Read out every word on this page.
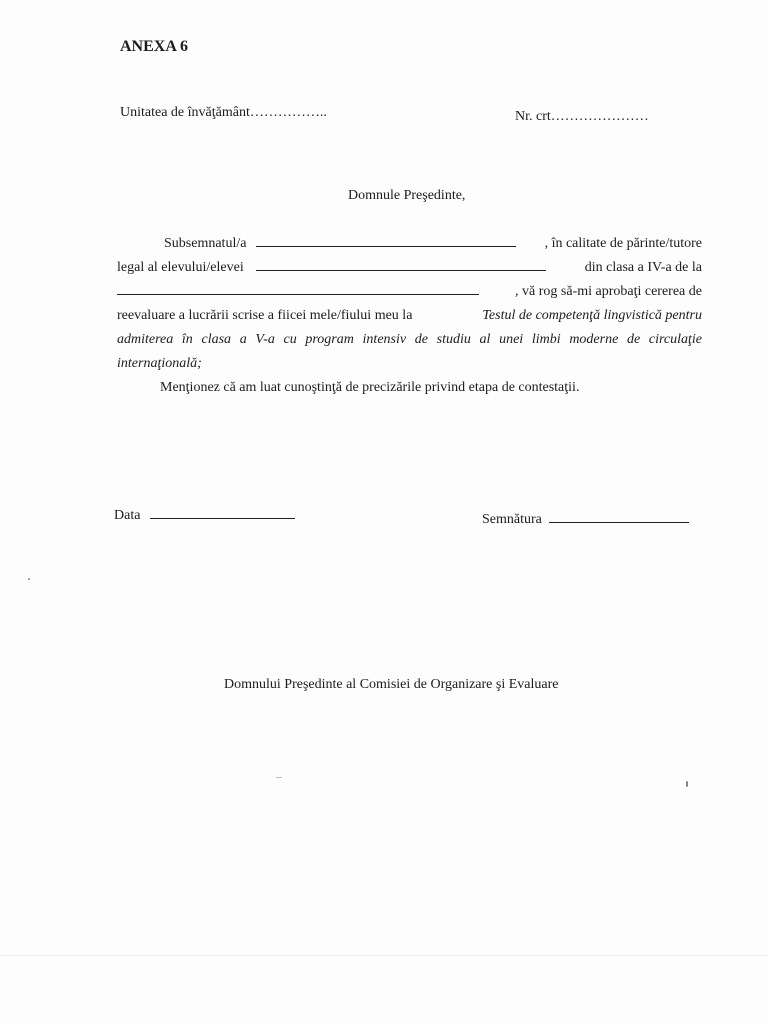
ANEXA 6
Unitatea de învăţământ……………..	Nr. crt…………………
Domnule Preşedinte,
Subsemnatul/a	, în calitate de părinte/tutore
legal al elevului/elevei	din clasa a IV-a de la
, vă rog să-mi aprobaţi cererea de
reevaluare a lucrării scrise a fiicei mele/fiului meu la	Testul de competenţă lingvistică pentru
admiterea în clasa a V-a cu program intensiv de studiu al unei limbi moderne de circulaţie
internaţională;
Menţionez că am luat cunoştinţă de precizările privind etapa de contestaţii.
Data	Semnătura
Domnului Preşedinte al Comisiei de Organizare şi Evaluare
